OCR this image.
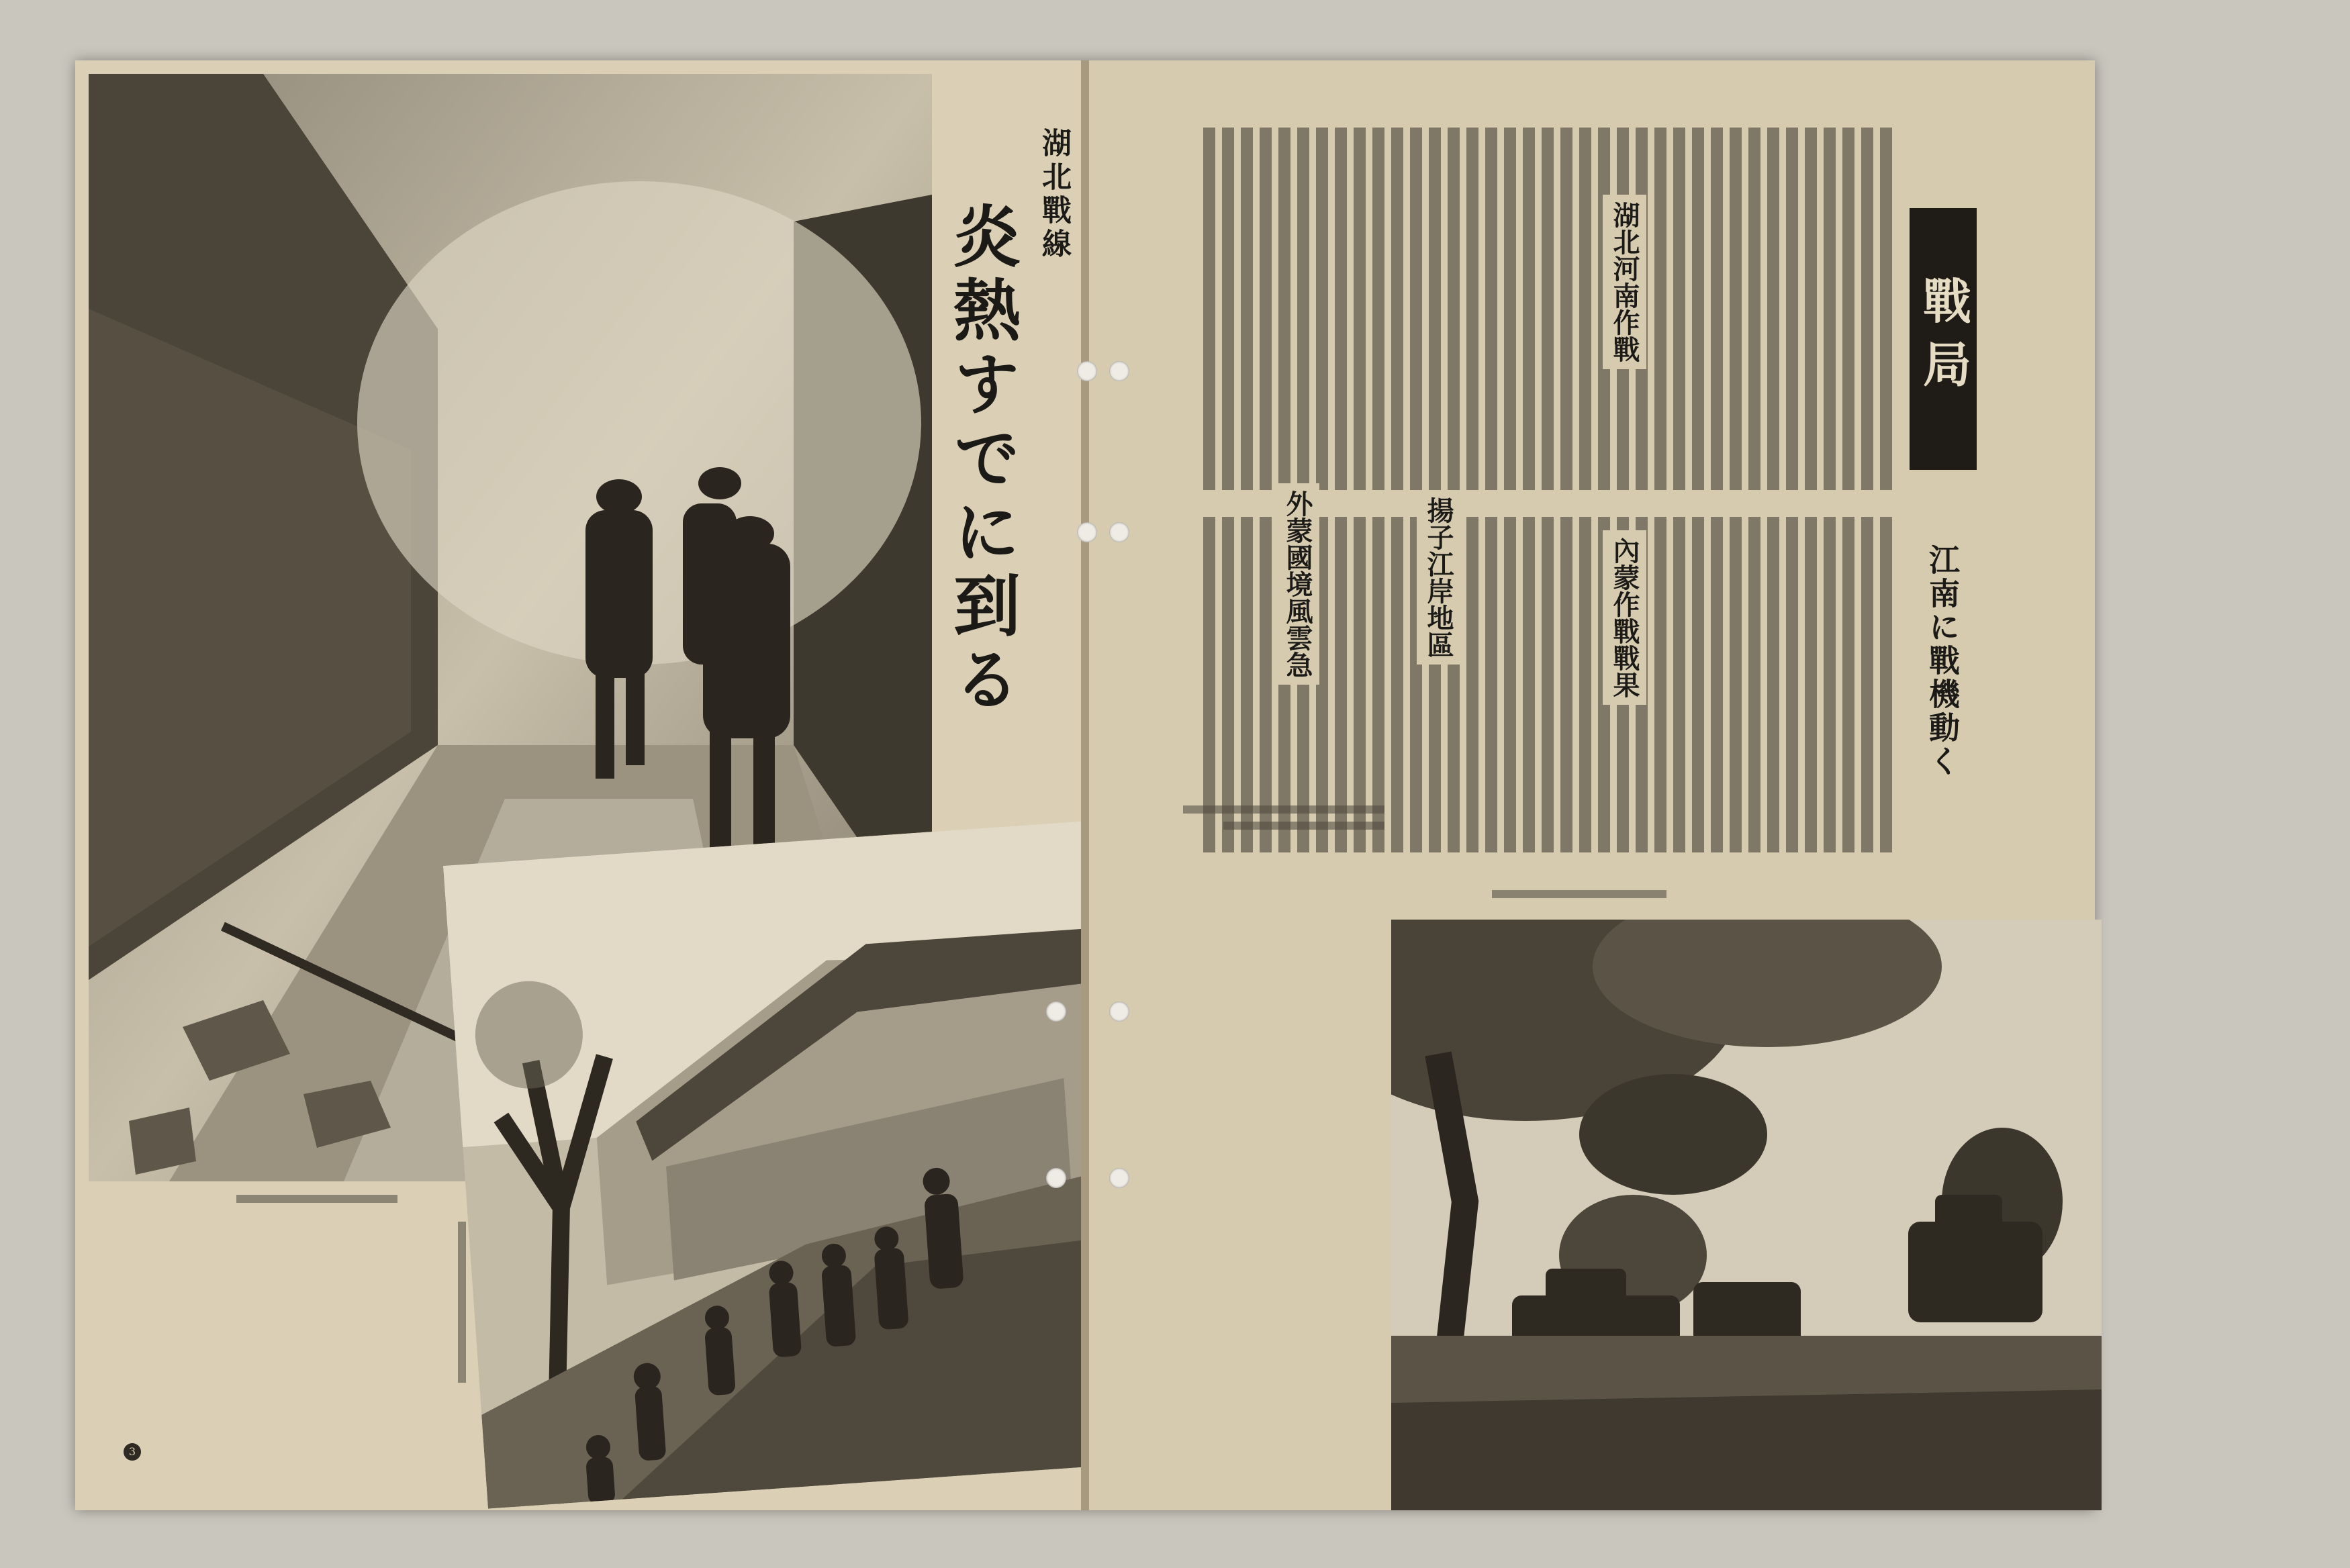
湖北戰線
炎熱すでに到る
3
戰局
江南に戰機動く
湖北河南作戰
內蒙作戰戰果
揚子江岸地區
外蒙國境風雲急
